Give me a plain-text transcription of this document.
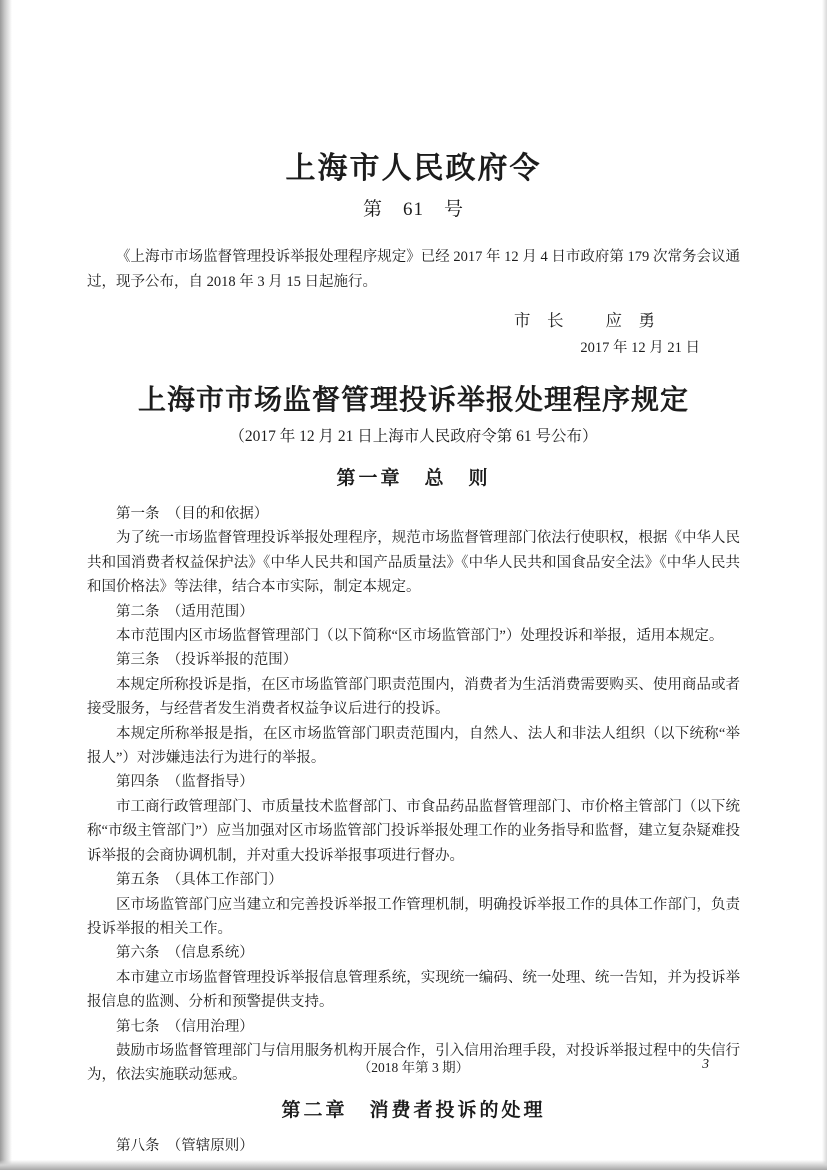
上海市人民政府令
第　61　号

《上海市市场监督管理投诉举报处理程序规定》已经 2017 年 12 月 4 日市政府第 179 次常务会议通过，现予公布，自 2018 年 3 月 15 日起施行。

市　长	应　勇
2017 年 12 月 21 日
上海市市场监督管理投诉举报处理程序规定
（2017 年 12 月 21 日上海市人民政府令第 61 号公布）

第一章　总　则

第一条　（目的和依据）

为了统一市场监督管理投诉举报处理程序，规范市场监督管理部门依法行使职权，根据《中华人民共和国消费者权益保护法》《中华人民共和国产品质量法》《中华人民共和国食品安全法》《中华人民共和国价格法》等法律，结合本市实际，制定本规定。

第二条　（适用范围）

本市范围内区市场监督管理部门（以下简称“区市场监管部门”）处理投诉和举报，适用本规定。

第三条　（投诉举报的范围）

本规定所称投诉是指，在区市场监管部门职责范围内，消费者为生活消费需要购买、使用商品或者接受服务，与经营者发生消费者权益争议后进行的投诉。

本规定所称举报是指，在区市场监管部门职责范围内，自然人、法人和非法人组织（以下统称“举报人”）对涉嫌违法行为进行的举报。

第四条　（监督指导）

市工商行政管理部门、市质量技术监督部门、市食品药品监督管理部门、市价格主管部门（以下统称“市级主管部门”）应当加强对区市场监管部门投诉举报处理工作的业务指导和监督，建立复杂疑难投诉举报的会商协调机制，并对重大投诉举报事项进行督办。

第五条　（具体工作部门）

区市场监管部门应当建立和完善投诉举报工作管理机制，明确投诉举报工作的具体工作部门，负责投诉举报的相关工作。

第六条　（信息系统）

本市建立市场监督管理投诉举报信息管理系统，实现统一编码、统一处理、统一告知，并为投诉举报信息的监测、分析和预警提供支持。

第七条　（信用治理）

鼓励市场监督管理部门与信用服务机构开展合作，引入信用治理手段，对投诉举报过程中的失信行为，依法实施联动惩戒。

第二章　消费者投诉的处理

第八条　（管辖原则）

（2018 年第 3 期）	3
